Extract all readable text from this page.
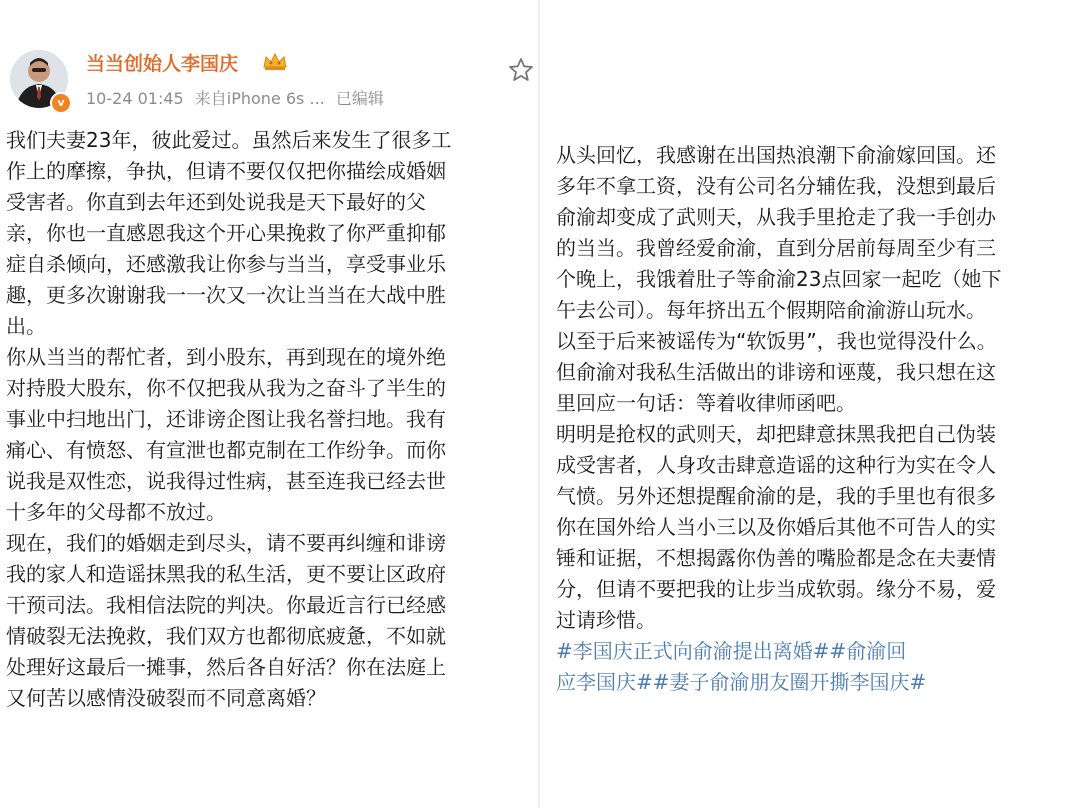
v
当当创始人李国庆
10-24 01:45 来自iPhone 6s ... 已编辑

我们夫妻23年，彼此爱过。虽然后来发生了很多工

作上的摩擦，争执，但请不要仅仅把你描绘成婚姻

受害者。你直到去年还到处说我是天下最好的父

亲，你也一直感恩我这个开心果挽救了你严重抑郁

症自杀倾向，还感激我让你参与当当，享受事业乐

趣，更多次谢谢我一一次又一次让当当在大战中胜

出。

你从当当的帮忙者，到小股东，再到现在的境外绝

对持股大股东，你不仅把我从我为之奋斗了半生的

事业中扫地出门，还诽谤企图让我名誉扫地。我有

痛心、有愤怒、有宣泄也都克制在工作纷争。而你

说我是双性恋，说我得过性病，甚至连我已经去世

十多年的父母都不放过。

现在，我们的婚姻走到尽头，请不要再纠缠和诽谤

我的家人和造谣抹黑我的私生活，更不要让区政府

干预司法。我相信法院的判决。你最近言行已经感

情破裂无法挽救，我们双方也都彻底疲惫，不如就

处理好这最后一摊事，然后各自好活？你在法庭上

又何苦以感情没破裂而不同意离婚？

从头回忆，我感谢在出国热浪潮下俞渝嫁回国。还

多年不拿工资，没有公司名分辅佐我，没想到最后

俞渝却变成了武则天，从我手里抢走了我一手创办

的当当。我曾经爱俞渝，直到分居前每周至少有三

个晚上，我饿着肚子等俞渝23点回家一起吃（她下

午去公司）。每年挤出五个假期陪俞渝游山玩水。

以至于后来被谣传为“软饭男”，我也觉得没什么。

但俞渝对我私生活做出的诽谤和诬蔑，我只想在这

里回应一句话：等着收律师函吧。

明明是抢权的武则天，却把肆意抹黑我把自己伪装

成受害者，人身攻击肆意造谣的这种行为实在令人

气愤。另外还想提醒俞渝的是，我的手里也有很多

你在国外给人当小三以及你婚后其他不可告人的实

锤和证据，不想揭露你伪善的嘴脸都是念在夫妻情

分，但请不要把我的让步当成软弱。缘分不易，爱

过请珍惜。

#李国庆正式向俞渝提出离婚##俞渝回

应李国庆##妻子俞渝朋友圈开撕李国庆#
